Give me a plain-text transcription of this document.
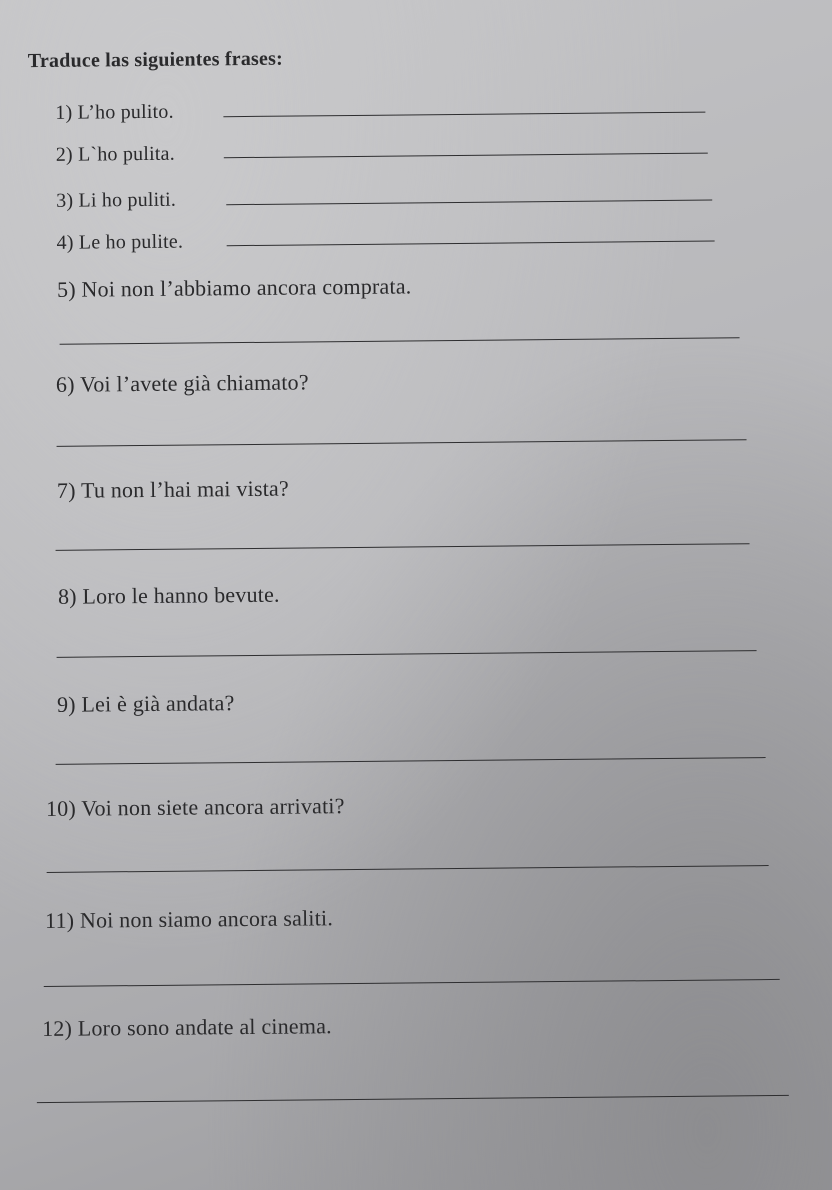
Traduce las siguientes frases:
1) L’ho pulito.
2) L`ho pulita.
3) Li ho puliti.
4) Le ho pulite.
5) Noi non l’abbiamo ancora comprata.
6) Voi l’avete già chiamato?
7) Tu non l’hai mai vista?
8) Loro le hanno bevute.
9) Lei è già andata?
10) Voi non siete ancora arrivati?
11) Noi non siamo ancora saliti.
12) Loro sono andate al cinema.
